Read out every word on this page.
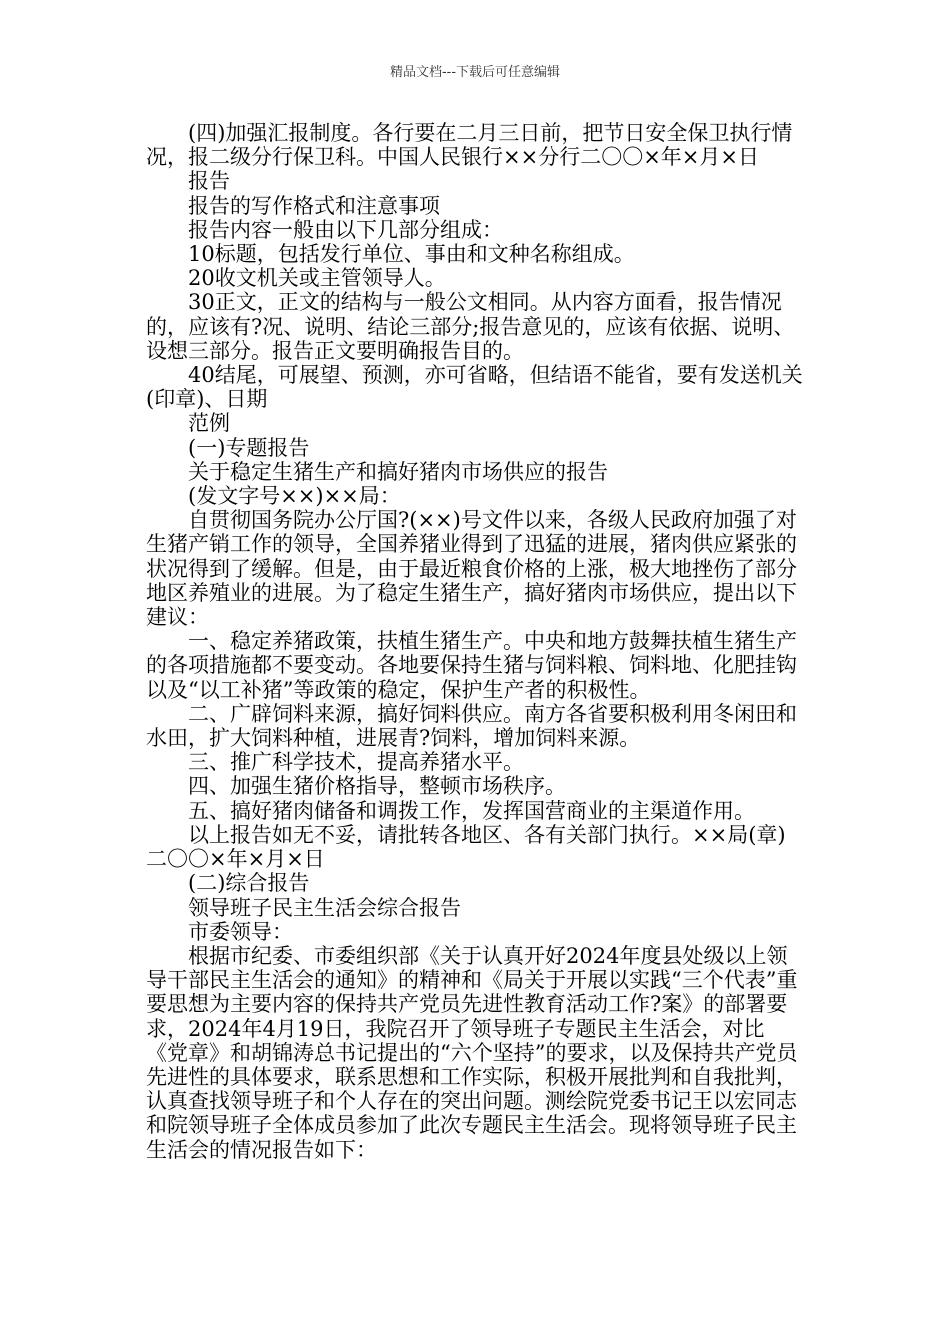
精品文档---下载后可任意编辑

(四)加强汇报制度。各行要在二月三日前，把节日安全保卫执行情况，报二级分行保卫科。中国人民银行××分行二〇〇×年×月×日

报告

报告的写作格式和注意事项

报告内容一般由以下几部分组成：

10标题，包括发行单位、事由和文种名称组成。

20收文机关或主管领导人。

30正文，正文的结构与一般公文相同。从内容方面看，报告情况的，应该有?况、说明、结论三部分;报告意见的，应该有依据、说明、设想三部分。报告正文要明确报告目的。

40结尾，可展望、预测，亦可省略，但结语不能省，要有发送机关(印章)、日期

范例

(一)专题报告

关于稳定生猪生产和搞好猪肉市场供应的报告

(发文字号××)××局：

自贯彻国务院办公厅国?(××)号文件以来，各级人民政府加强了对生猪产销工作的领导，全国养猪业得到了迅猛的进展，猪肉供应紧张的状况得到了缓解。但是，由于最近粮食价格的上涨，极大地挫伤了部分地区养殖业的进展。为了稳定生猪生产，搞好猪肉市场供应，提出以下建议：

一、稳定养猪政策，扶植生猪生产。中央和地方鼓舞扶植生猪生产的各项措施都不要变动。各地要保持生猪与饲料粮、饲料地、化肥挂钩以及“以工补猪”等政策的稳定，保护生产者的积极性。

二、广辟饲料来源，搞好饲料供应。南方各省要积极利用冬闲田和水田，扩大饲料种植，进展青?饲料，增加饲料来源。

三、推广科学技术，提高养猪水平。

四、加强生猪价格指导，整顿市场秩序。

五、搞好猪肉储备和调拨工作，发挥国营商业的主渠道作用。

以上报告如无不妥，请批转各地区、各有关部门执行。××局(章)二〇〇×年×月×日

(二)综合报告

领导班子民主生活会综合报告

市委领导：

根据市纪委、市委组织部《关于认真开好2024年度县处级以上领导干部民主生活会的通知》的精神和《局关于开展以实践“三个代表”重要思想为主要内容的保持共产党员先进性教育活动工作?案》的部署要求，2024年4月19日，我院召开了领导班子专题民主生活会，对比《党章》和胡锦涛总书记提出的“六个坚持”的要求，以及保持共产党员先进性的具体要求，联系思想和工作实际，积极开展批判和自我批判，认真查找领导班子和个人存在的突出问题。测绘院党委书记王以宏同志和院领导班子全体成员参加了此次专题民主生活会。现将领导班子民主生活会的情况报告如下：
